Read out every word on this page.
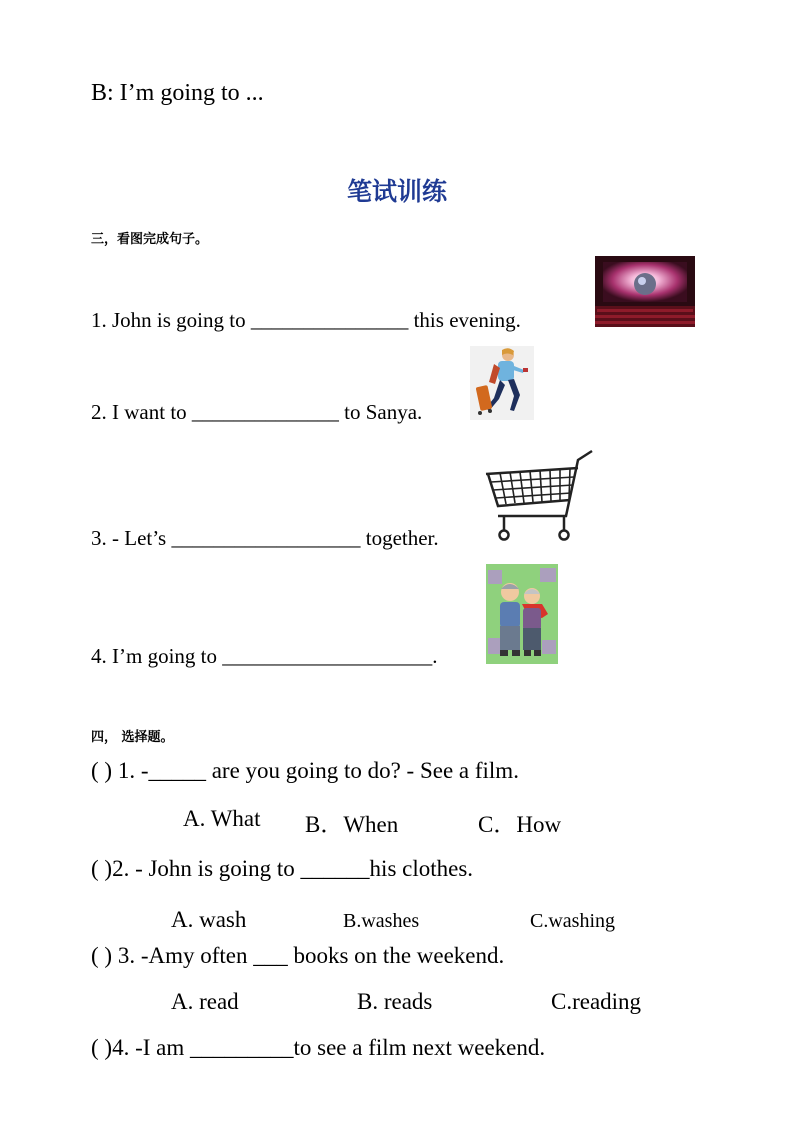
B: I’m going to ...
笔试训练
三，看图完成句子。
1. John is going to _______________ this evening.
2. I want to ______________ to Sanya.
3. - Let’s __________________ together.
4. I’m going to ____________________.
四， 选择题。
( ) 1. -_____ are you going to do? - See a film.
A. What B．When	C．How
( )2. - John is going to ______his clothes.
A. wash	B.washes	C.washing
( ) 3. -Amy often ___ books on the weekend.
A. read	B. reads	C.reading
( )4. -I am _________to see a film next weekend.
